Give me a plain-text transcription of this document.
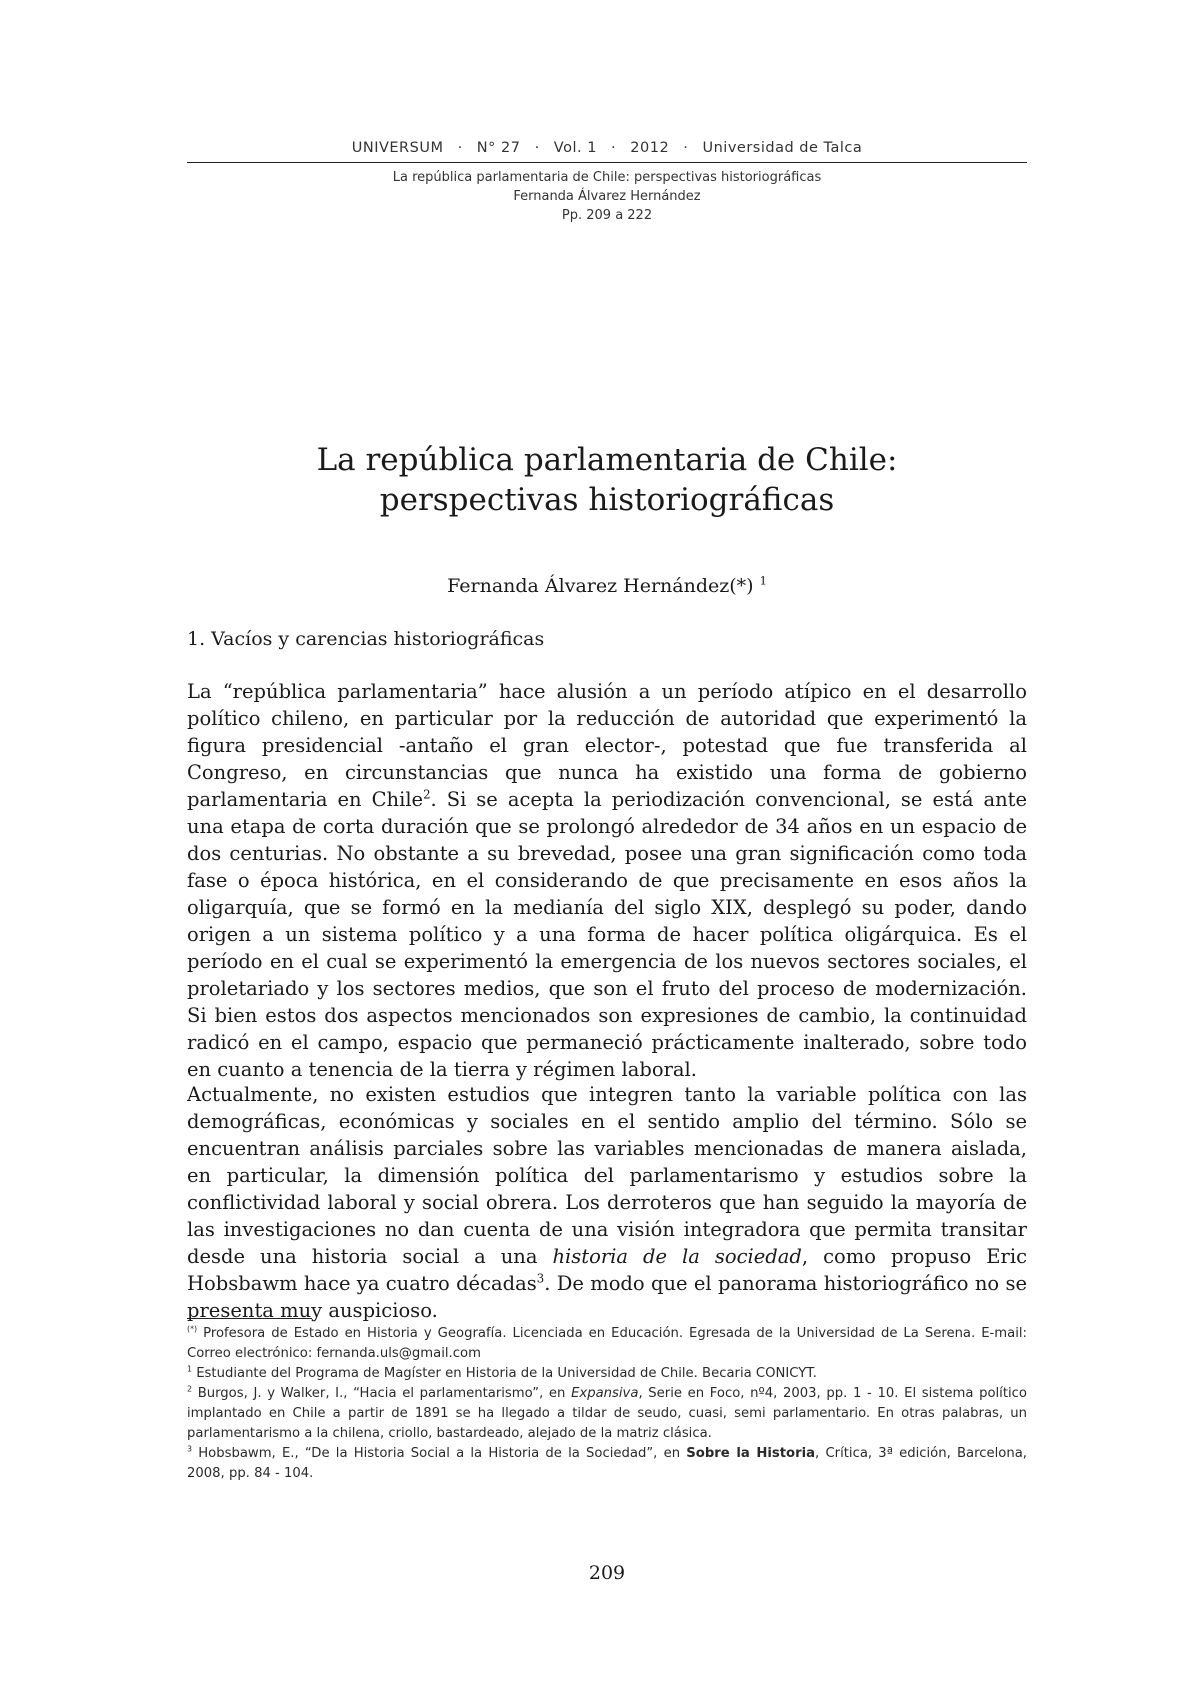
UNIVERSUM · N° 27 · Vol. 1 · 2012 · Universidad de Talca
La república parlamentaria de Chile: perspectivas historiográficas
Fernanda Álvarez Hernández
Pp. 209 a 222
La república parlamentaria de Chile:
perspectivas historiográficas
Fernanda Álvarez Hernández(*) $^1$
1. Vacíos y carencias historiográficas

La “república parlamentaria” hace alusión a un período atípico en el desarrollo político chileno, en particular por la reducción de autoridad que experimentó la figura presidencial -antaño el gran elector-, potestad que fue transferida al Congreso, en circunstancias que nunca ha existido una forma de gobierno parlamentaria en Chile$^2$. Si se acepta la periodización convencional, se está ante una etapa de corta duración que se prolongó alrededor de 34 años en un espacio de dos centurias. No obstante a su brevedad, posee una gran significación como toda fase o época histórica, en el considerando de que precisamente en esos años la oligarquía, que se formó en la medianía del siglo XIX, desplegó su poder, dando origen a un sistema político y a una forma de hacer política oligárquica. Es el período en el cual se experimentó la emergencia de los nuevos sectores sociales, el proletariado y los sectores medios, que son el fruto del proceso de modernización. Si bien estos dos aspectos mencionados son expresiones de cambio, la continuidad radicó en el campo, espacio que permaneció prácticamente inalterado, sobre todo en cuanto a tenencia de la tierra y régimen laboral.

Actualmente, no existen estudios que integren tanto la variable política con las demográficas, económicas y sociales en el sentido amplio del término. Sólo se encuentran análisis parciales sobre las variables mencionadas de manera aislada, en particular, la dimensión política del parlamentarismo y estudios sobre la conflictividad laboral y social obrera. Los derroteros que han seguido la mayoría de las investigaciones no dan cuenta de una visión integradora que permita transitar desde una historia social a una historia de la sociedad, como propuso Eric Hobsbawm hace ya cuatro décadas$^3$. De modo que el panorama historiográfico no se presenta muy auspicioso.

(*) Profesora de Estado en Historia y Geografía. Licenciada en Educación. Egresada de la Universidad de La Serena. E-mail: Correo electrónico: fernanda.uls@gmail.com

$^1$ Estudiante del Programa de Magíster en Historia de la Universidad de Chile. Becaria CONICYT.

$^2$ Burgos, J. y Walker, I., “Hacia el parlamentarismo”, en Expansiva, Serie en Foco, nº4, 2003, pp. 1 - 10. El sistema político implantado en Chile a partir de 1891 se ha llegado a tildar de seudo, cuasi, semi parlamentario. En otras palabras, un parlamentarismo a la chilena, criollo, bastardeado, alejado de la matriz clásica.

$^3$ Hobsbawm, E., “De la Historia Social a la Historia de la Sociedad”, en Sobre la Historia, Crítica, 3ª edición, Barcelona, 2008, pp. 84 - 104.

209
